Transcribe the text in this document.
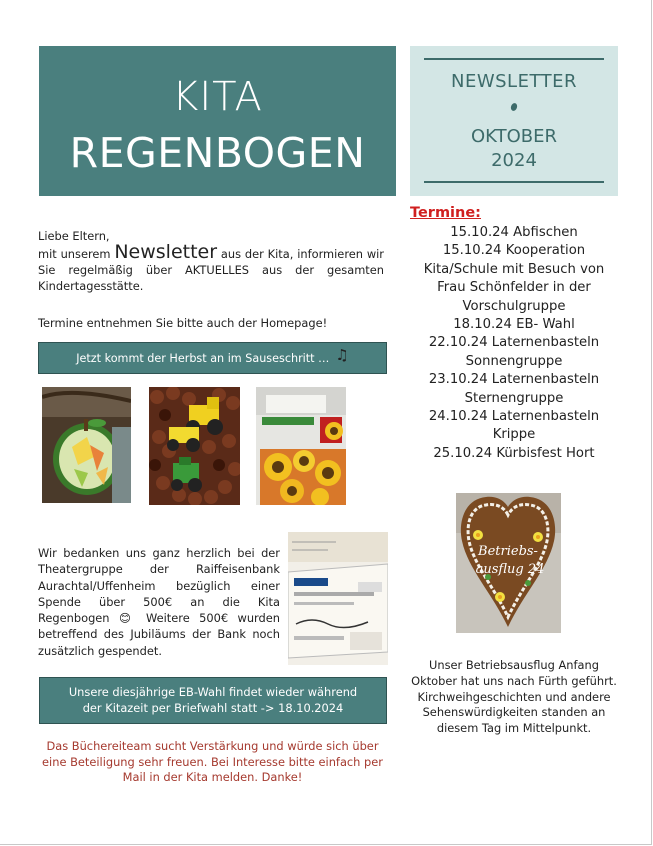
KITA
REGENBOGEN
NEWSLETTER
OKTOBER
2024

Liebe Eltern,

mit unserem Newsletter aus der Kita, informieren wir Sie regelmäßig über AKTUELLES aus der gesamten Kindertagesstätte.

Termine entnehmen Sie bitte auch der Homepage!
Jetzt kommt der Herbst an im Sauseschritt … ♫
Wir bedanken uns ganz herzlich bei der Theatergruppe der Raiffeisenbank Aurachtal/Uffenheim bezüglich einer Spende über 500€ an die Kita Regenbogen 😊 Weitere 500€ wurden betreffend des Jubiläums der Bank noch zusätzlich gespendet.
Unsere diesjährige EB-Wahl findet wieder während
der Kitazeit per Briefwahl statt -> 18.10.2024
Das Büchereiteam sucht Verstärkung und würde sich über eine Beteiligung sehr freuen. Bei Interesse bitte einfach per Mail in der Kita melden. Danke!
Termine:
15.10.24 Abfischen
15.10.24 Kooperation Kita/Schule mit Besuch von Frau Schönfelder in der Vorschulgruppe
18.10.24 EB- Wahl
22.10.24 Laternenbasteln Sonnengruppe
23.10.24 Laternenbasteln Sternengruppe
24.10.24 Laternenbasteln Krippe
25.10.24 Kürbisfest Hort
Betriebs-
ausflug 24
Unser Betriebsausflug Anfang Oktober hat uns nach Fürth geführt. Kirchweihgeschichten und andere Sehenswürdigkeiten standen an diesem Tag im Mittelpunkt.
